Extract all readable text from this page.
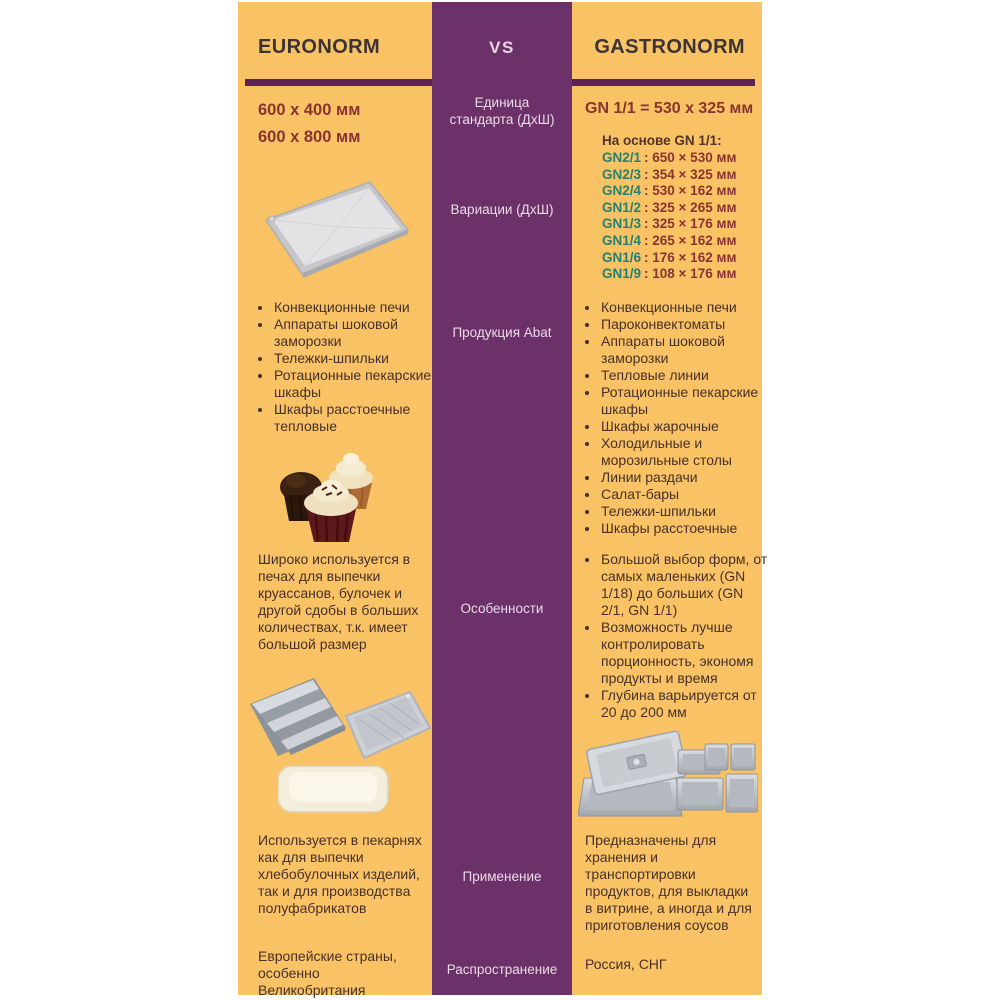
EURONORM
600 x 400 мм
600 x 800 мм
• Конвекционные печи
• Аппараты шоковой заморозки
• Тележки-шпильки
• Ротационные пекарские шкафы
• Шкафы расстоечные тепловые

Широко используется в печах для выпечки круассанов, булочек и другой сдобы в больших количествах, т.к. имеет большой размер

Используется в пекарнях как для выпечки хлебобулочных изделий, так и для производства полуфабрикатов

Европейские страны, особенно Великобритания

VS
Единица стандарта (ДхШ)
Вариации (ДхШ)
Продукция Abat
Особенности
Применение
Распространение
GASTRONORM
GN 1/1 = 530 x 325 мм
На основе GN 1/1:
GN2/1 : 650 × 530 мм
GN2/3 : 354 × 325 мм
GN2/4 : 530 × 162 мм
GN1/2 : 325 × 265 мм
GN1/3 : 325 × 176 мм
GN1/4 : 265 × 162 мм
GN1/6 : 176 × 162 мм
GN1/9 : 108 × 176 мм
• Конвекционные печи
• Пароконвектоматы
• Аппараты шоковой заморозки
• Тепловые линии
• Ротационные пекарские шкафы
• Шкафы жарочные
• Холодильные и морозильные столы
• Линии раздачи
• Салат-бары
• Тележки-шпильки
• Шкафы расстоечные
• Большой выбор форм, от самых маленьких (GN 1/18) до больших (GN 2/1, GN 1/1)
• Возможность лучше контролировать порционность, экономя продукты и время
• Глубина варьируется от 20 до 200 мм

Предназначены для хранения и транспортировки продуктов, для выкладки в витрине, а иногда и для приготовления соусов

Россия, СНГ
